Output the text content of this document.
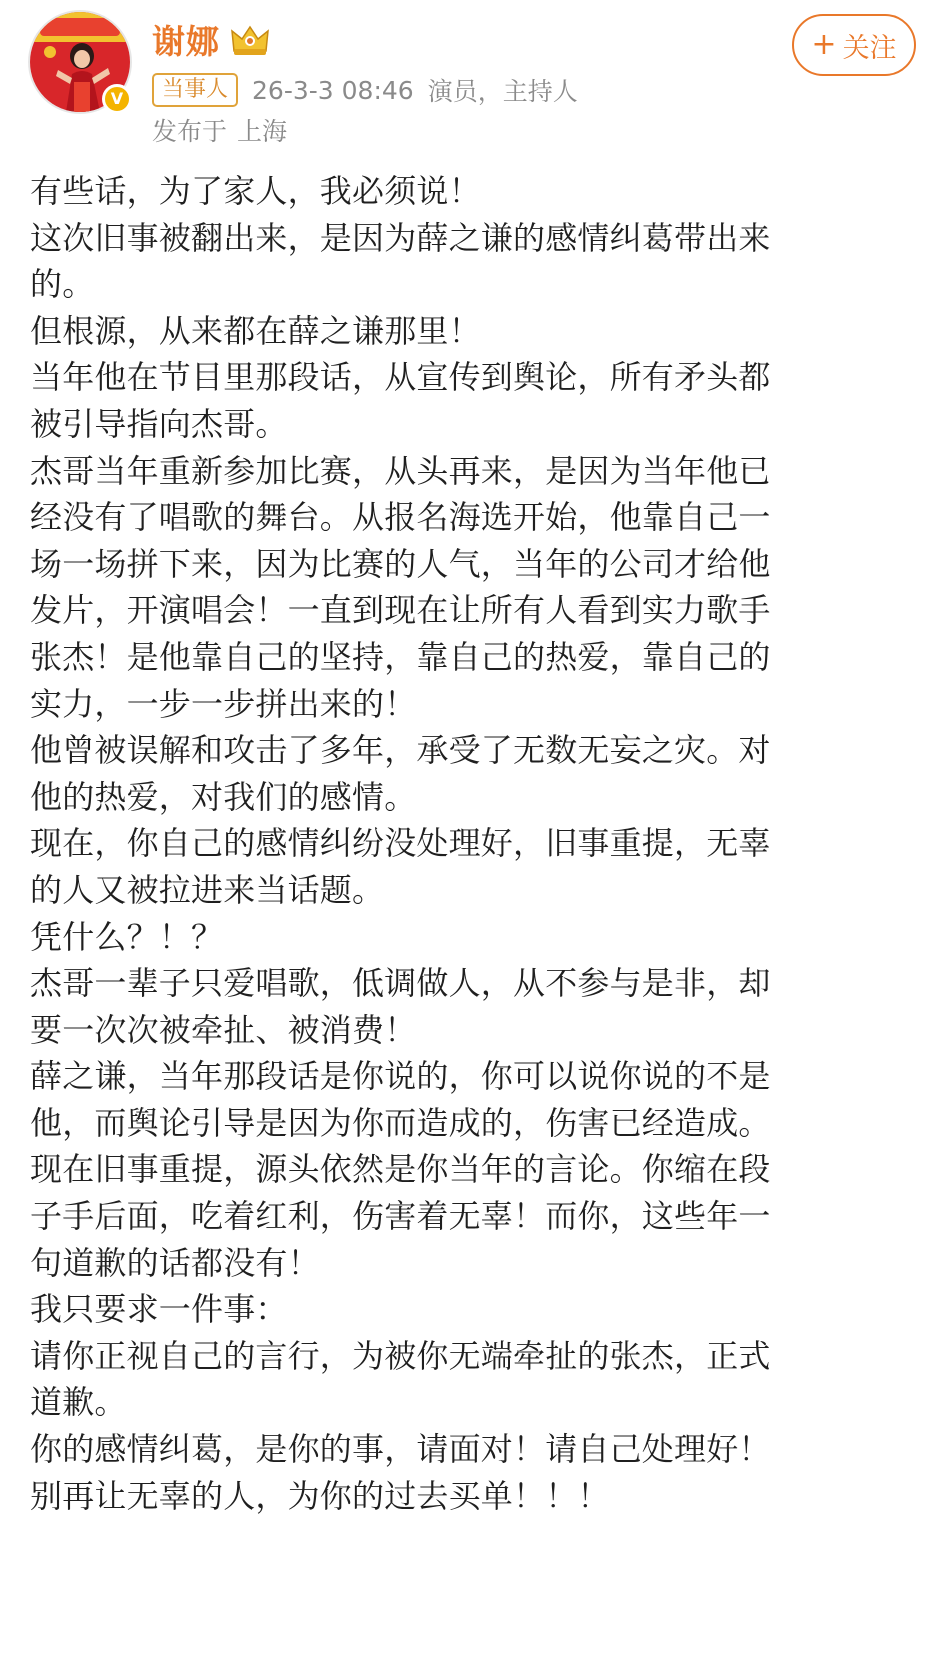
V
谢娜
当事人 26-3-3 08:46 演员，主持人
发布于 上海
+ 关注
有些话，为了家人，我必须说！
这次旧事被翻出来，是因为薛之谦的感情纠葛带出来
的。
但根源，从来都在薛之谦那里！
当年他在节目里那段话，从宣传到舆论，所有矛头都
被引导指向杰哥。
杰哥当年重新参加比赛，从头再来，是因为当年他已
经没有了唱歌的舞台。从报名海选开始，他靠自己一
场一场拼下来，因为比赛的人气，当年的公司才给他
发片，开演唱会！一直到现在让所有人看到实力歌手
张杰！是他靠自己的坚持，靠自己的热爱，靠自己的
实力，一步一步拼出来的！
他曾被误解和攻击了多年，承受了无数无妄之灾。对
他的热爱，对我们的感情。
现在，你自己的感情纠纷没处理好，旧事重提，无辜
的人又被拉进来当话题。
凭什么？！？
杰哥一辈子只爱唱歌，低调做人，从不参与是非，却
要一次次被牵扯、被消费！
薛之谦，当年那段话是你说的，你可以说你说的不是
他，而舆论引导是因为你而造成的，伤害已经造成。
现在旧事重提，源头依然是你当年的言论。你缩在段
子手后面，吃着红利，伤害着无辜！而你，这些年一
句道歉的话都没有！
我只要求一件事：
请你正视自己的言行，为被你无端牵扯的张杰，正式
道歉。
你的感情纠葛，是你的事，请面对！请自己处理好！
别再让无辜的人，为你的过去买单！！！
